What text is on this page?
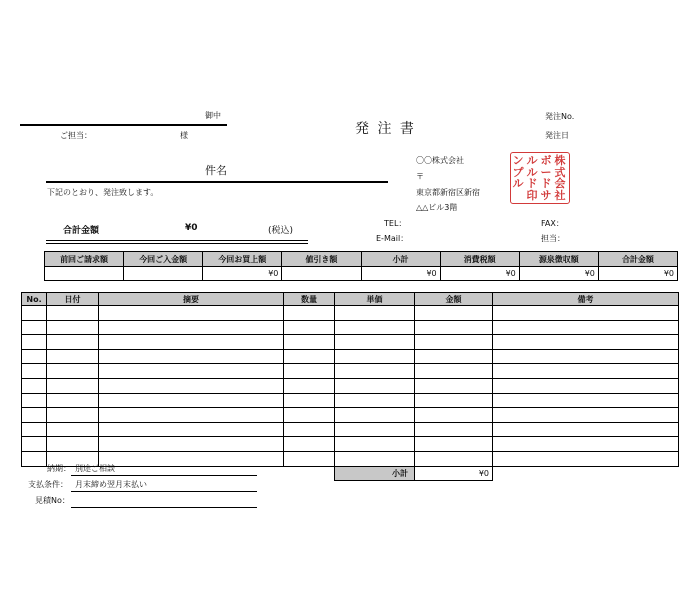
御中
ご担当：	様	発 注 書
発注No.
発注日
件名
下記のとおり、発注致します。
〇〇株式会社
〒
東京都新宿区新宿
△△ビル3階
TEL：
E-Mail：
FAX：
担当：
株
式
会
社
ボ
ー
ド
サ
ル
ル
ド
印
ン
プ
ル
合計金額	¥0	(税込)
前回ご請求額	今回ご入金額	今回お買上額	値引き額	小計	消費税額	源泉徴収額	合計金額
		¥0		¥0	¥0	¥0	¥0
No.	日付	摘要	数量	単価	金額	備考

				小計	¥0	
納期： 別途ご相談
支払条件： 月末締め翌月末払い
見積No：
